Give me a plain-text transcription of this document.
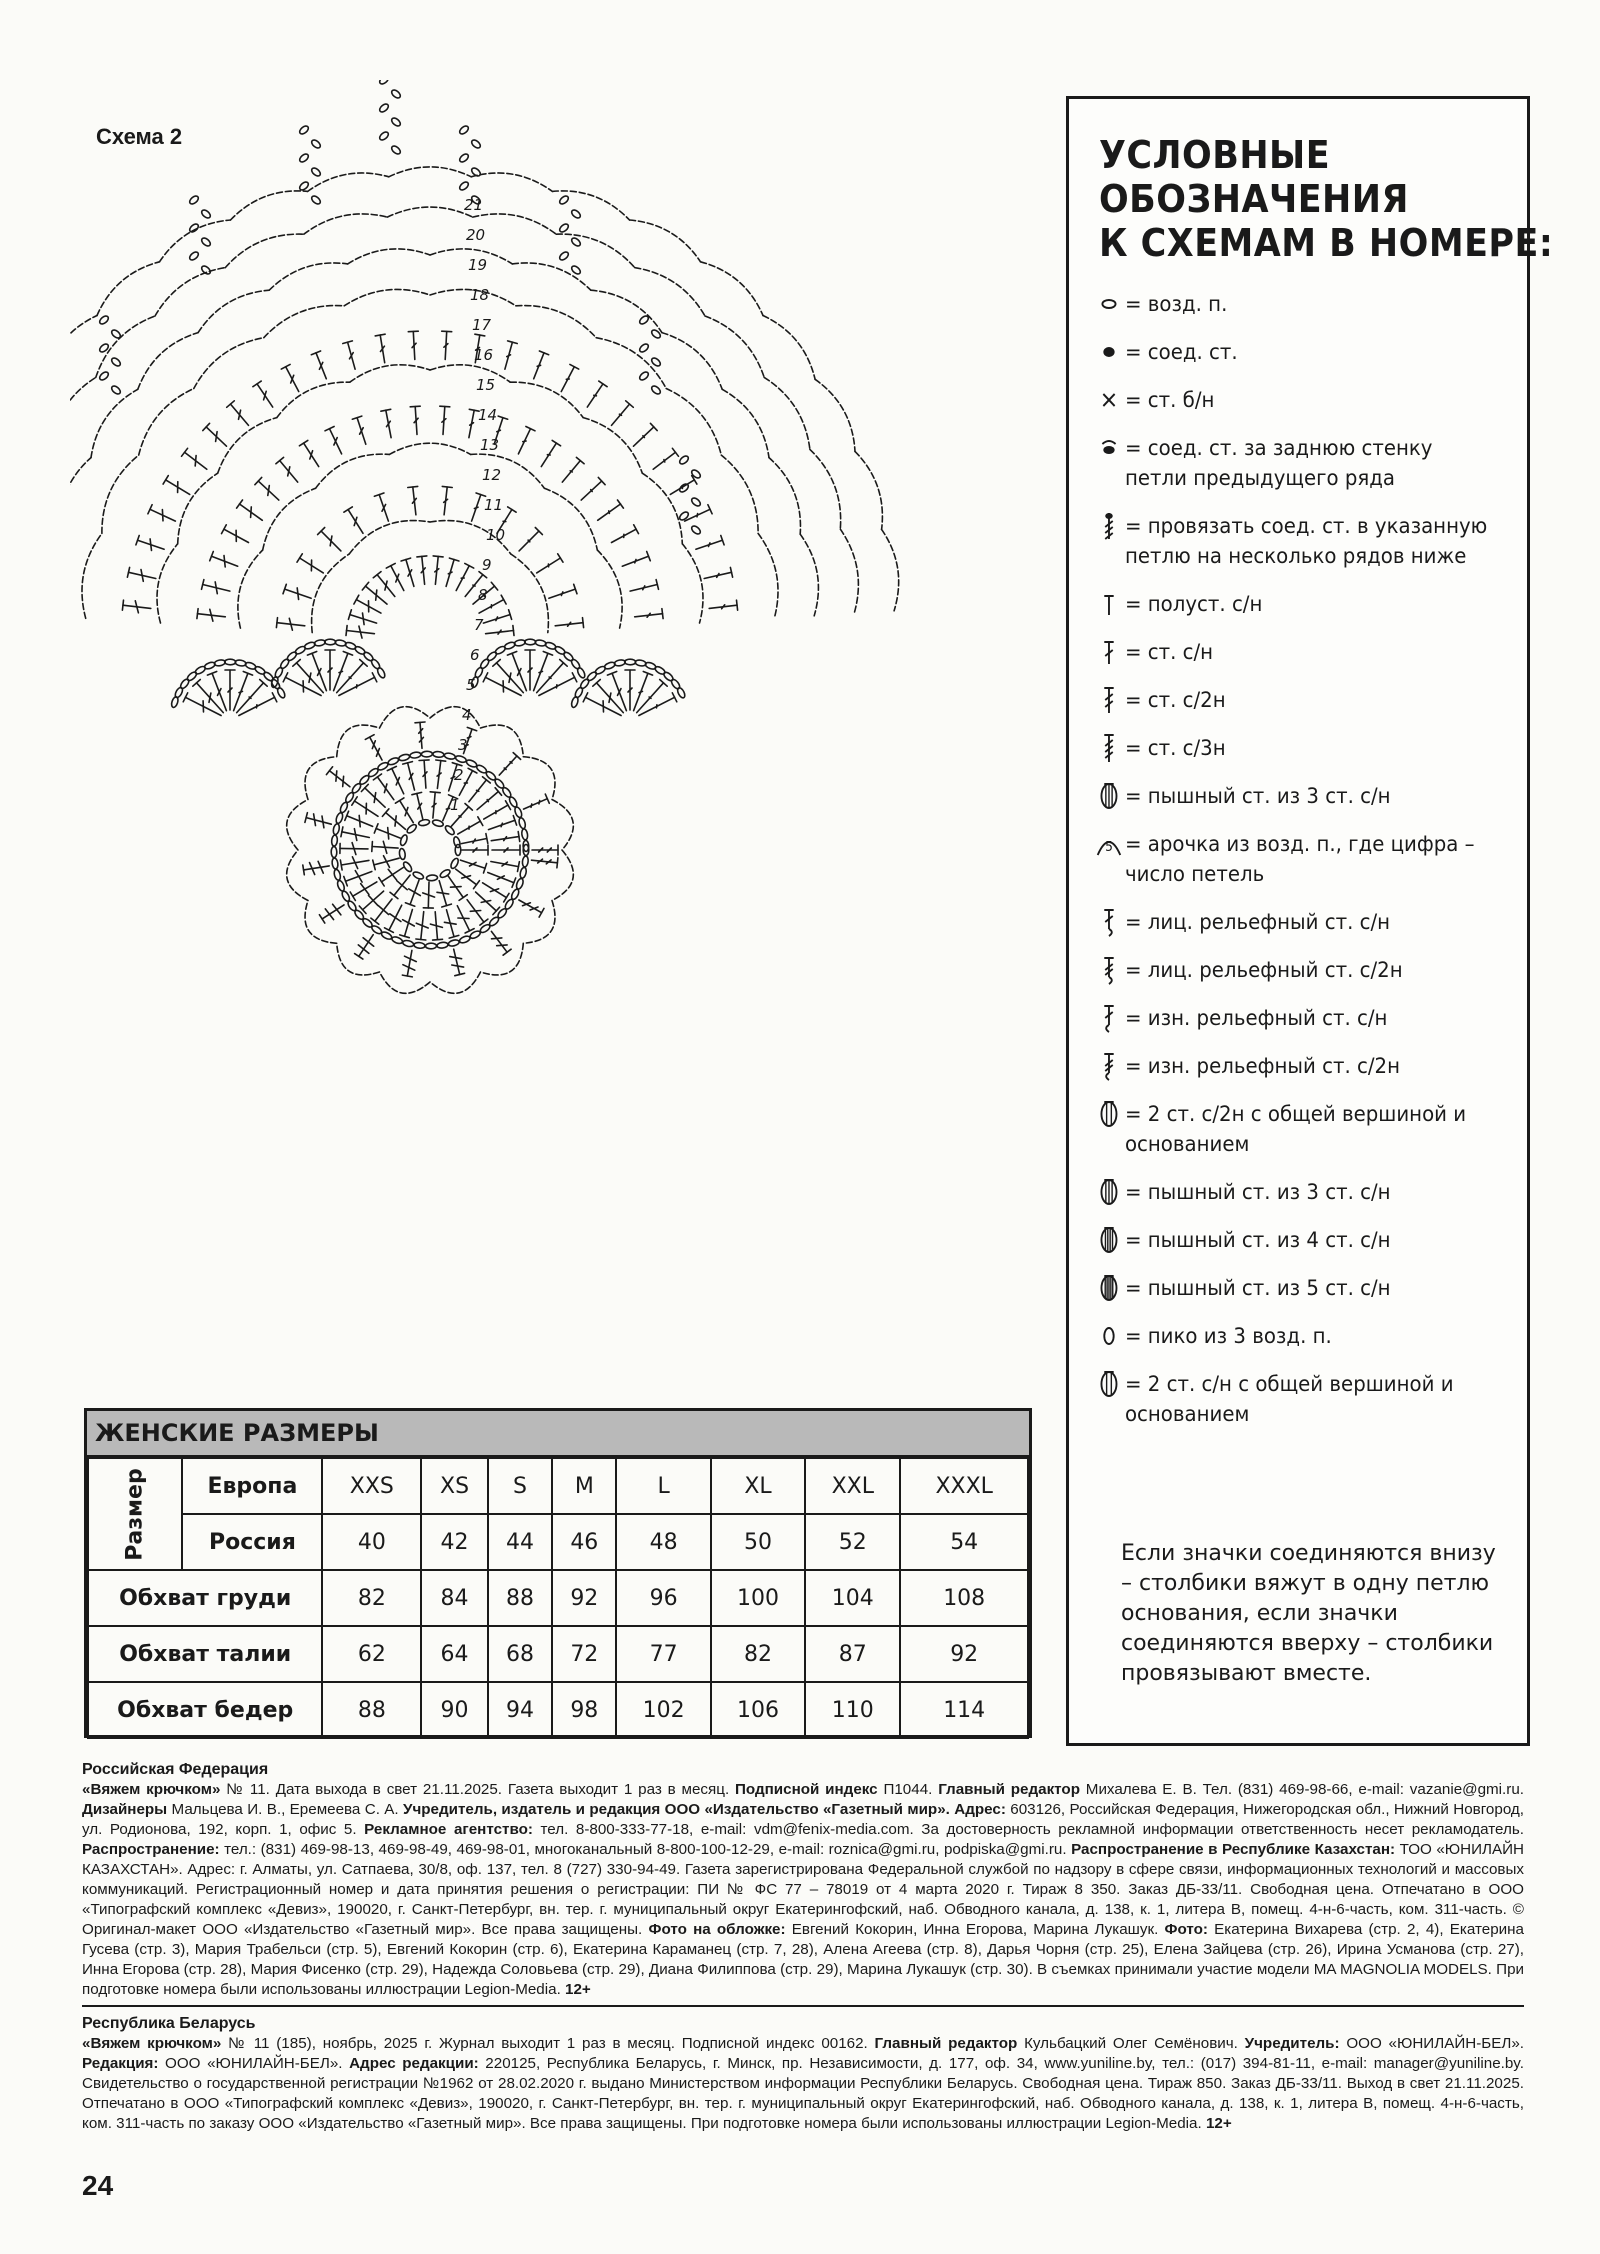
Схема 2
1
2
3
4
5
6
7
8
9
10
11
12
13
14
15
16
17
18
19
20
21
УСЛОВНЫЕ
ОБОЗНАЧЕНИЯ
К СХЕМАМ В НОМЕРЕ:
= возд. п.
= соед. ст.
= ст. б/н
= соед. ст. за заднюю стенку петли предыдущего ряда
= провязать соед. ст. в указанную петлю на несколько рядов ниже
= полуст. с/н
= ст. с/н
= ст. с/2н
= ст. с/3н
= пышный ст. из 3 ст. с/н
5 = арочка из возд. п., где цифра – число петель
= лиц. рельефный ст. с/н
= лиц. рельефный ст. с/2н
= изн. рельефный ст. с/н
= изн. рельефный ст. с/2н
= 2 ст. с/2н с общей вершиной и основанием
= пышный ст. из 3 ст. с/н
= пышный ст. из 4 ст. с/н
= пышный ст. из 5 ст. с/н
= пико из 3 возд. п.
= 2 ст. с/н с общей вершиной и основанием
Если значки соединяются внизу – столбики вяжут в одну петлю основания, если значки соединяются вверху – столбики провязывают вместе.
ЖЕНСКИЕ РАЗМЕРЫ
Размер	Европа	XXS	XS	S	M	L	XL	XXL	XXXL
	Россия	40	42	44	46	48	50	52	54
Обхват груди		82	84	88	92	96	100	104	108
Обхват талии		62	64	68	72	77	82	87	92
Обхват бедер		88	90	94	98	102	106	110	114
Российская Федерация

«Вяжем крючком» № 11. Дата выхода в свет 21.11.2025. Газета выходит 1 раз в месяц. Подписной индекс П1044. Главный редактор Михалева Е. В. Тел. (831) 469-98-66, e-mail: vazanie@gmi.ru. Дизайнеры Мальцева И. В., Еремеева С. А. Учредитель, издатель и редакция ООО «Издательство «Газетный мир». Адрес: 603126, Российская Федерация, Нижегородская обл., Нижний Новгород, ул. Родионова, 192, корп. 1, офис 5. Рекламное агентство: тел. 8-800-333-77-18, e-mail: vdm@fenix-media.com. За достоверность рекламной информации ответственность несет рекламодатель. Распространение: тел.: (831) 469-98-13, 469-98-49, 469-98-01, многоканальный 8-800-100-12-29, e-mail: roznica@gmi.ru, podpiska@gmi.ru. Распространение в Республике Казахстан: ТОО «ЮНИЛАЙН КАЗАХСТАН». Адрес: г. Алматы, ул. Сатпаева, 30/8, оф. 137, тел. 8 (727) 330-94-49. Газета зарегистрирована Федеральной службой по надзору в сфере связи, информационных технологий и массовых коммуникаций. Регистрационный номер и дата принятия решения о регистрации: ПИ № ФС 77 – 78019 от 4 марта 2020 г. Тираж 8 350. Заказ ДБ-33/11. Свободная цена. Отпечатано в ООО «Типографский комплекс «Девиз», 190020, г. Санкт-Петербург, вн. тер. г. муниципальный округ Екатерингофский, наб. Обводного канала, д. 138, к. 1, литера В, помещ. 4-н-6-часть, ком. 311-часть. © Оригинал-макет ООО «Издательство «Газетный мир». Все права защищены. Фото на обложке: Евгений Кокорин, Инна Егорова, Марина Лукашук. Фото: Екатерина Вихарева (стр. 2, 4), Екатерина Гусева (стр. 3), Мария Трабельси (стр. 5), Евгений Кокорин (стр. 6), Екатерина Караманец (стр. 7, 28), Алена Агеева (стр. 8), Дарья Чорня (стр. 25), Елена Зайцева (стр. 26), Ирина Усманова (стр. 27), Инна Егорова (стр. 28), Мария Фисенко (стр. 29), Надежда Соловьева (стр. 29), Диана Филиппова (стр. 29), Марина Лукашук (стр. 30). В съемках принимали участие модели MA MAGNOLIA MODELS. При подготовке номера были использованы иллюстрации Legion-Media. 12+

Республика Беларусь

«Вяжем крючком» № 11 (185), ноябрь, 2025 г. Журнал выходит 1 раз в месяц. Подписной индекс 00162. Главный редактор Кульбацкий Олег Семёнович. Учредитель: ООО «ЮНИЛАЙН-БЕЛ». Редакция: ООО «ЮНИЛАЙН-БЕЛ». Адрес редакции: 220125, Республика Беларусь, г. Минск, пр. Независимости, д. 177, оф. 34, www.yuniline.by, тел.: (017) 394-81-11, e-mail: manager@yuniline.by. Свидетельство о государственной регистрации №1962 от 28.02.2020 г. выдано Министерством информации Республики Беларусь. Свободная цена. Тираж 850. Заказ ДБ-33/11. Выход в свет 21.11.2025. Отпечатано в ООО «Типографский комплекс «Девиз», 190020, г. Санкт-Петербург, вн. тер. г. муниципальный округ Екатерингофский, наб. Обводного канала, д. 138, к. 1, литера В, помещ. 4-н-6-часть, ком. 311-часть по заказу ООО «Издательство «Газетный мир». Все права защищены. При подготовке номера были использованы иллюстрации Legion-Media. 12+

24
